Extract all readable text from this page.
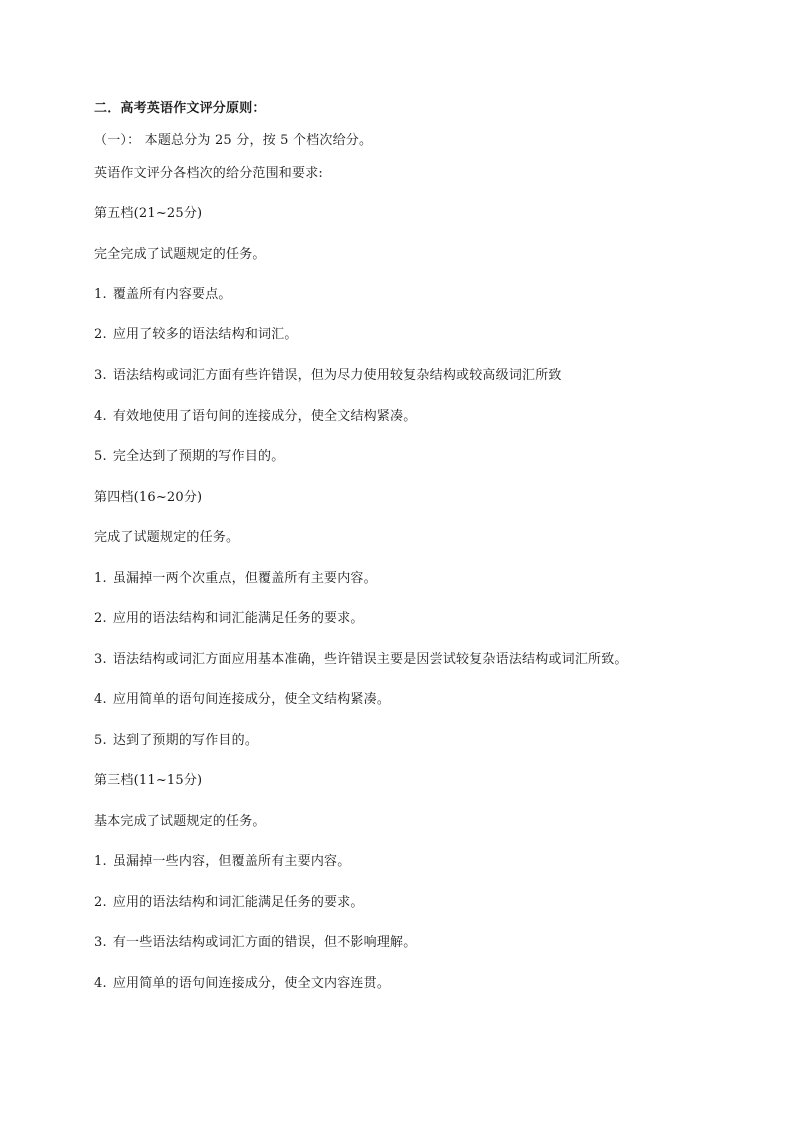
二．高考英语作文评分原则：
（一）： 本题总分为 25 分，按 5 个档次给分。
英语作文评分各档次的给分范围和要求:
第五档(21~25分)
完全完成了试题规定的任务。
1. 覆盖所有内容要点。
2. 应用了较多的语法结构和词汇。
3. 语法结构或词汇方面有些许错误，但为尽力使用较复杂结构或较高级词汇所致
4. 有效地使用了语句间的连接成分，使全文结构紧凑。
5. 完全达到了预期的写作目的。
第四档(16~20分)
完成了试题规定的任务。
1. 虽漏掉一两个次重点，但覆盖所有主要内容。
2. 应用的语法结构和词汇能满足任务的要求。
3. 语法结构或词汇方面应用基本准确，些许错误主要是因尝试较复杂语法结构或词汇所致。
4. 应用简单的语句间连接成分，使全文结构紧凑。
5. 达到了预期的写作目的。
第三档(11~15分)
基本完成了试题规定的任务。
1. 虽漏掉一些内容，但覆盖所有主要内容。
2. 应用的语法结构和词汇能满足任务的要求。
3. 有一些语法结构或词汇方面的错误，但不影响理解。
4. 应用简单的语句间连接成分，使全文内容连贯。
